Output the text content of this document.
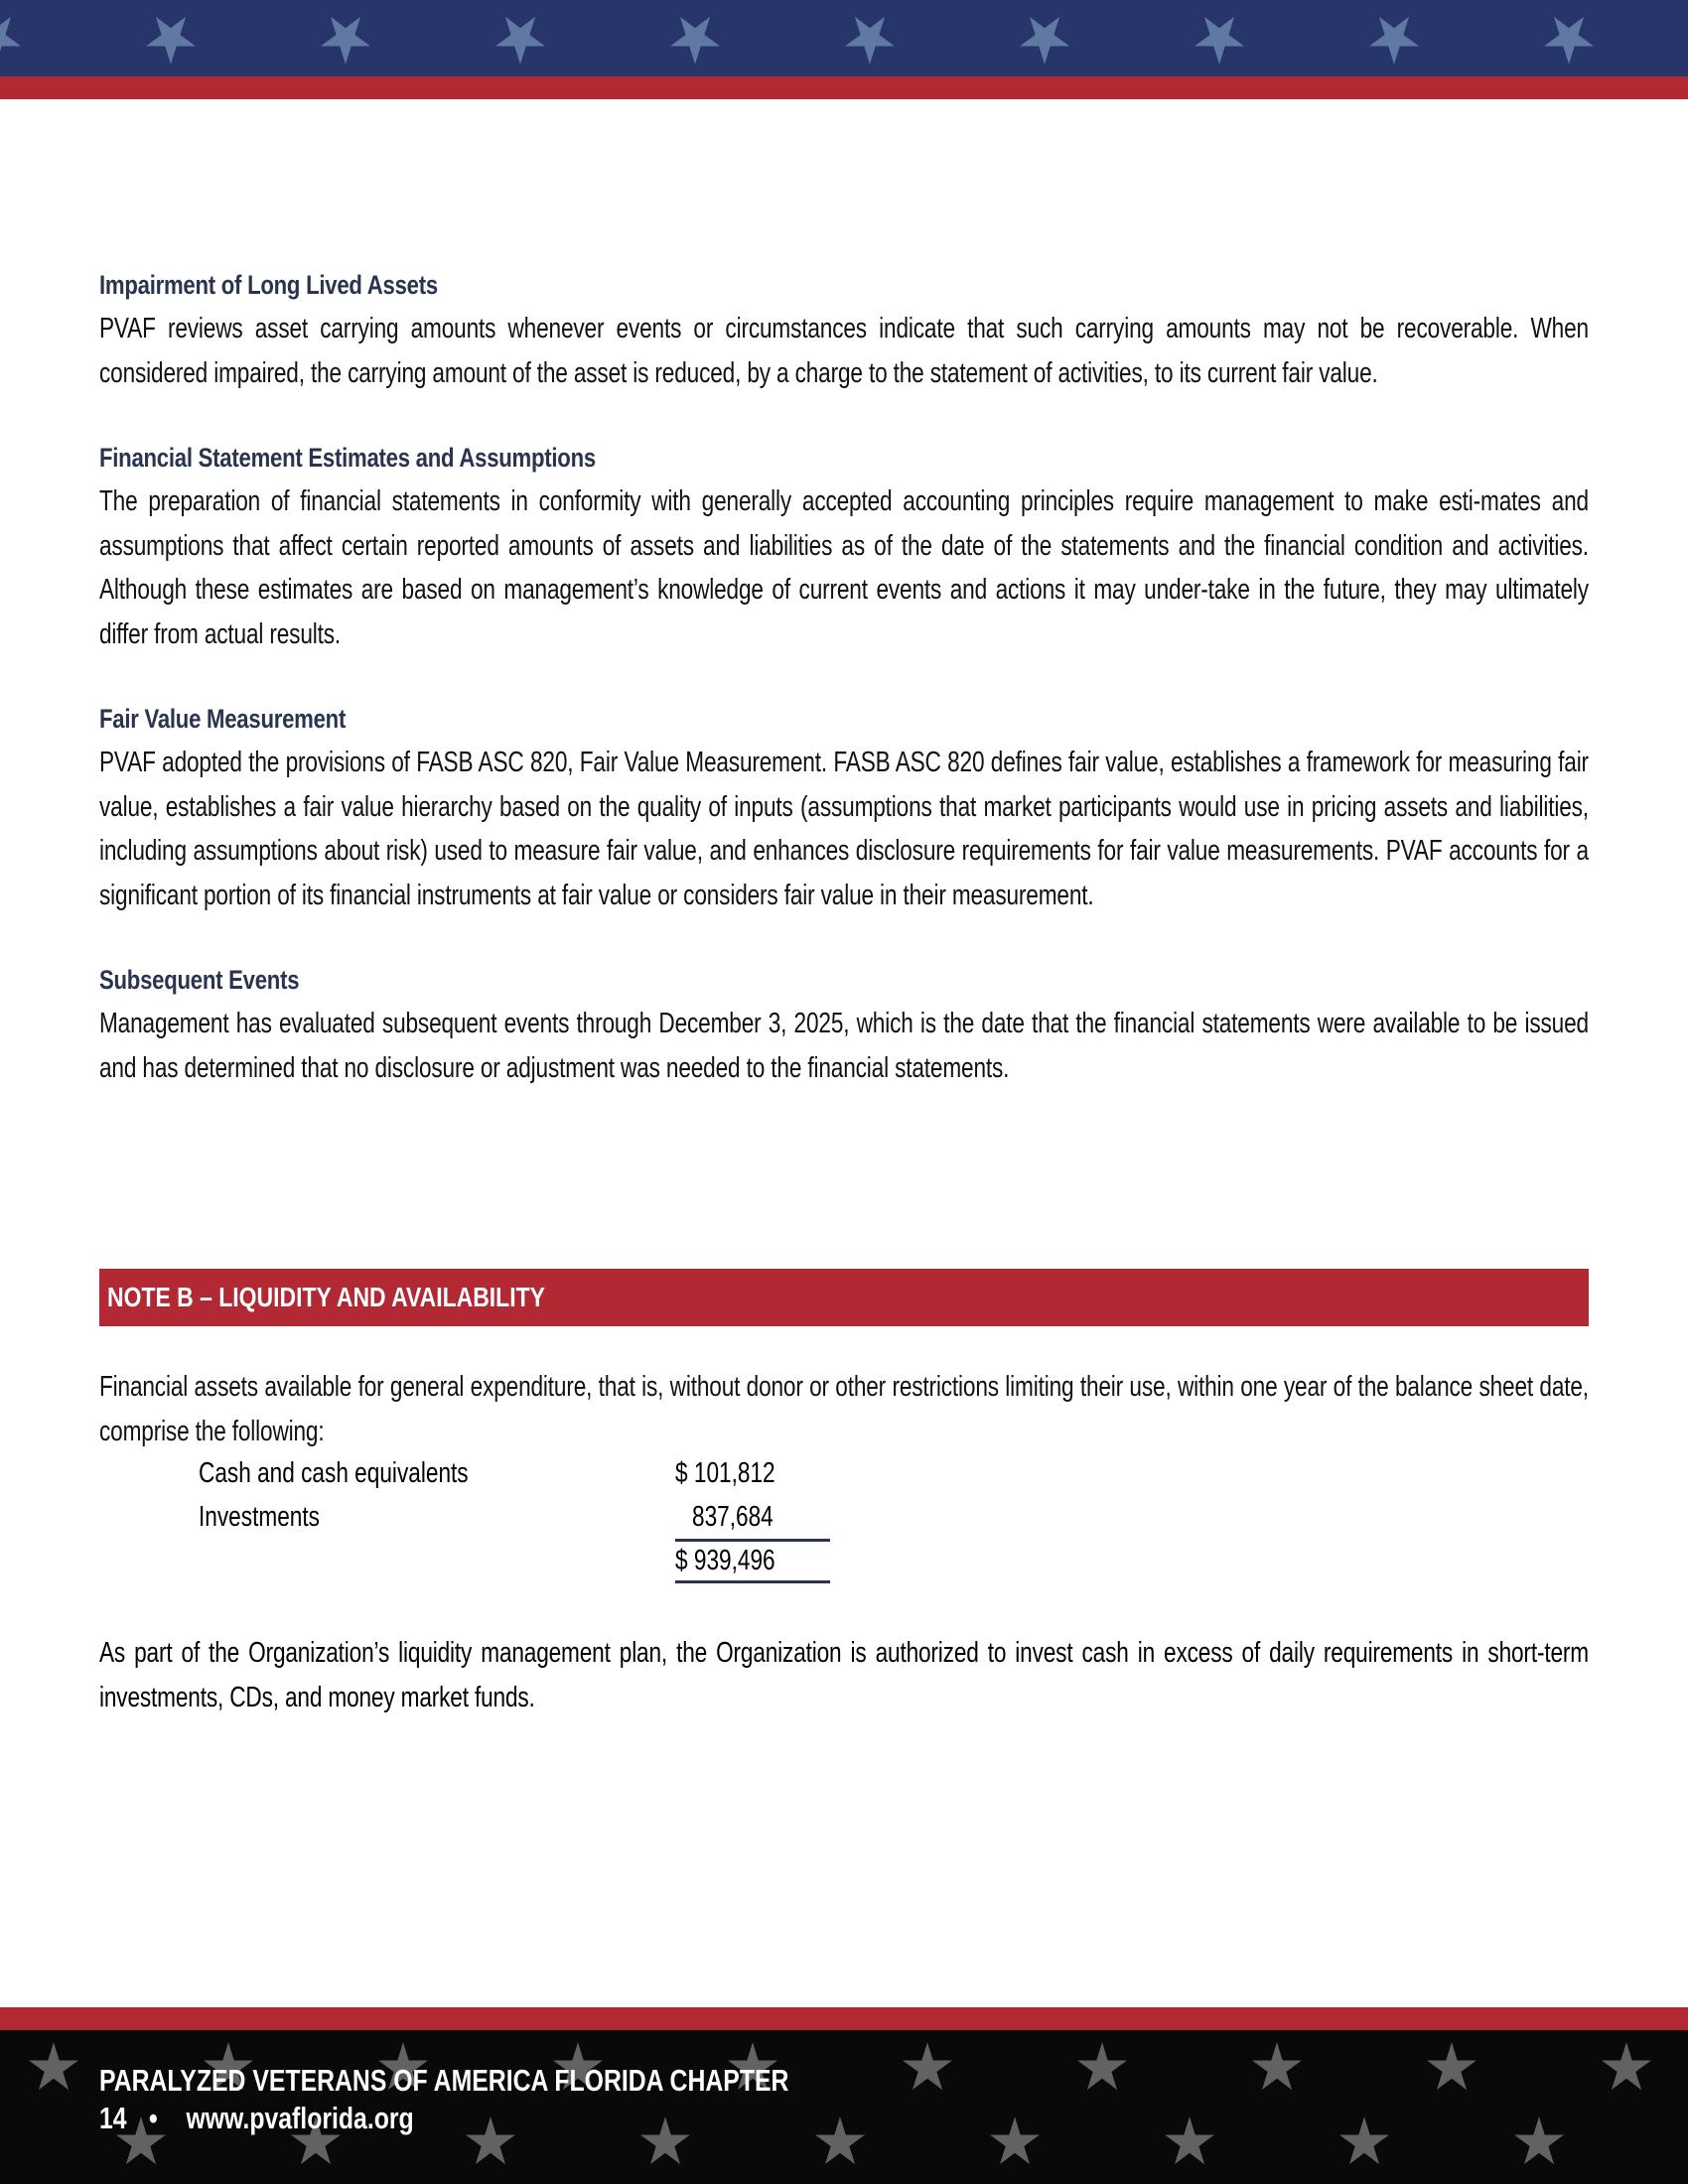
Impairment of Long Lived Assets
PVAF reviews asset carrying amounts whenever events or circumstances indicate that such carrying amounts may not be recoverable. When considered impaired, the carrying amount of the asset is reduced, by a charge to the statement of activities, to its current fair value.
Financial Statement Estimates and Assumptions
The preparation of financial statements in conformity with generally accepted accounting principles require management to make esti-mates and assumptions that affect certain reported amounts of assets and liabilities as of the date of the statements and the financial condition and activities. Although these estimates are based on management’s knowledge of current events and actions it may under-take in the future, they may ultimately differ from actual results.
Fair Value Measurement
PVAF adopted the provisions of FASB ASC 820, Fair Value Measurement. FASB ASC 820 defines fair value, establishes a framework for measuring fair value, establishes a fair value hierarchy based on the quality of inputs (assumptions that market participants would use in pricing assets and liabilities, including assumptions about risk) used to measure fair value, and enhances disclosure requirements for fair value measurements. PVAF accounts for a significant portion of its financial instruments at fair value or considers fair value in their measurement.
Subsequent Events
Management has evaluated subsequent events through December 3, 2025, which is the date that the financial statements were available to be issued and has determined that no disclosure or adjustment was needed to the financial statements.
NOTE B – LIQUIDITY AND AVAILABILITY
Financial assets available for general expenditure, that is, without donor or other restrictions limiting their use, within one year of the balance sheet date, comprise the following:
Cash and cash equivalents	$ 101,812
Investments	837,684
$ 939,496
As part of the Organization’s liquidity management plan, the Organization is authorized to invest cash in excess of daily requirements in short-term investments, CDs, and money market funds.
PARALYZED VETERANS OF AMERICA FLORIDA CHAPTER
14 • www.pvaflorida.org
